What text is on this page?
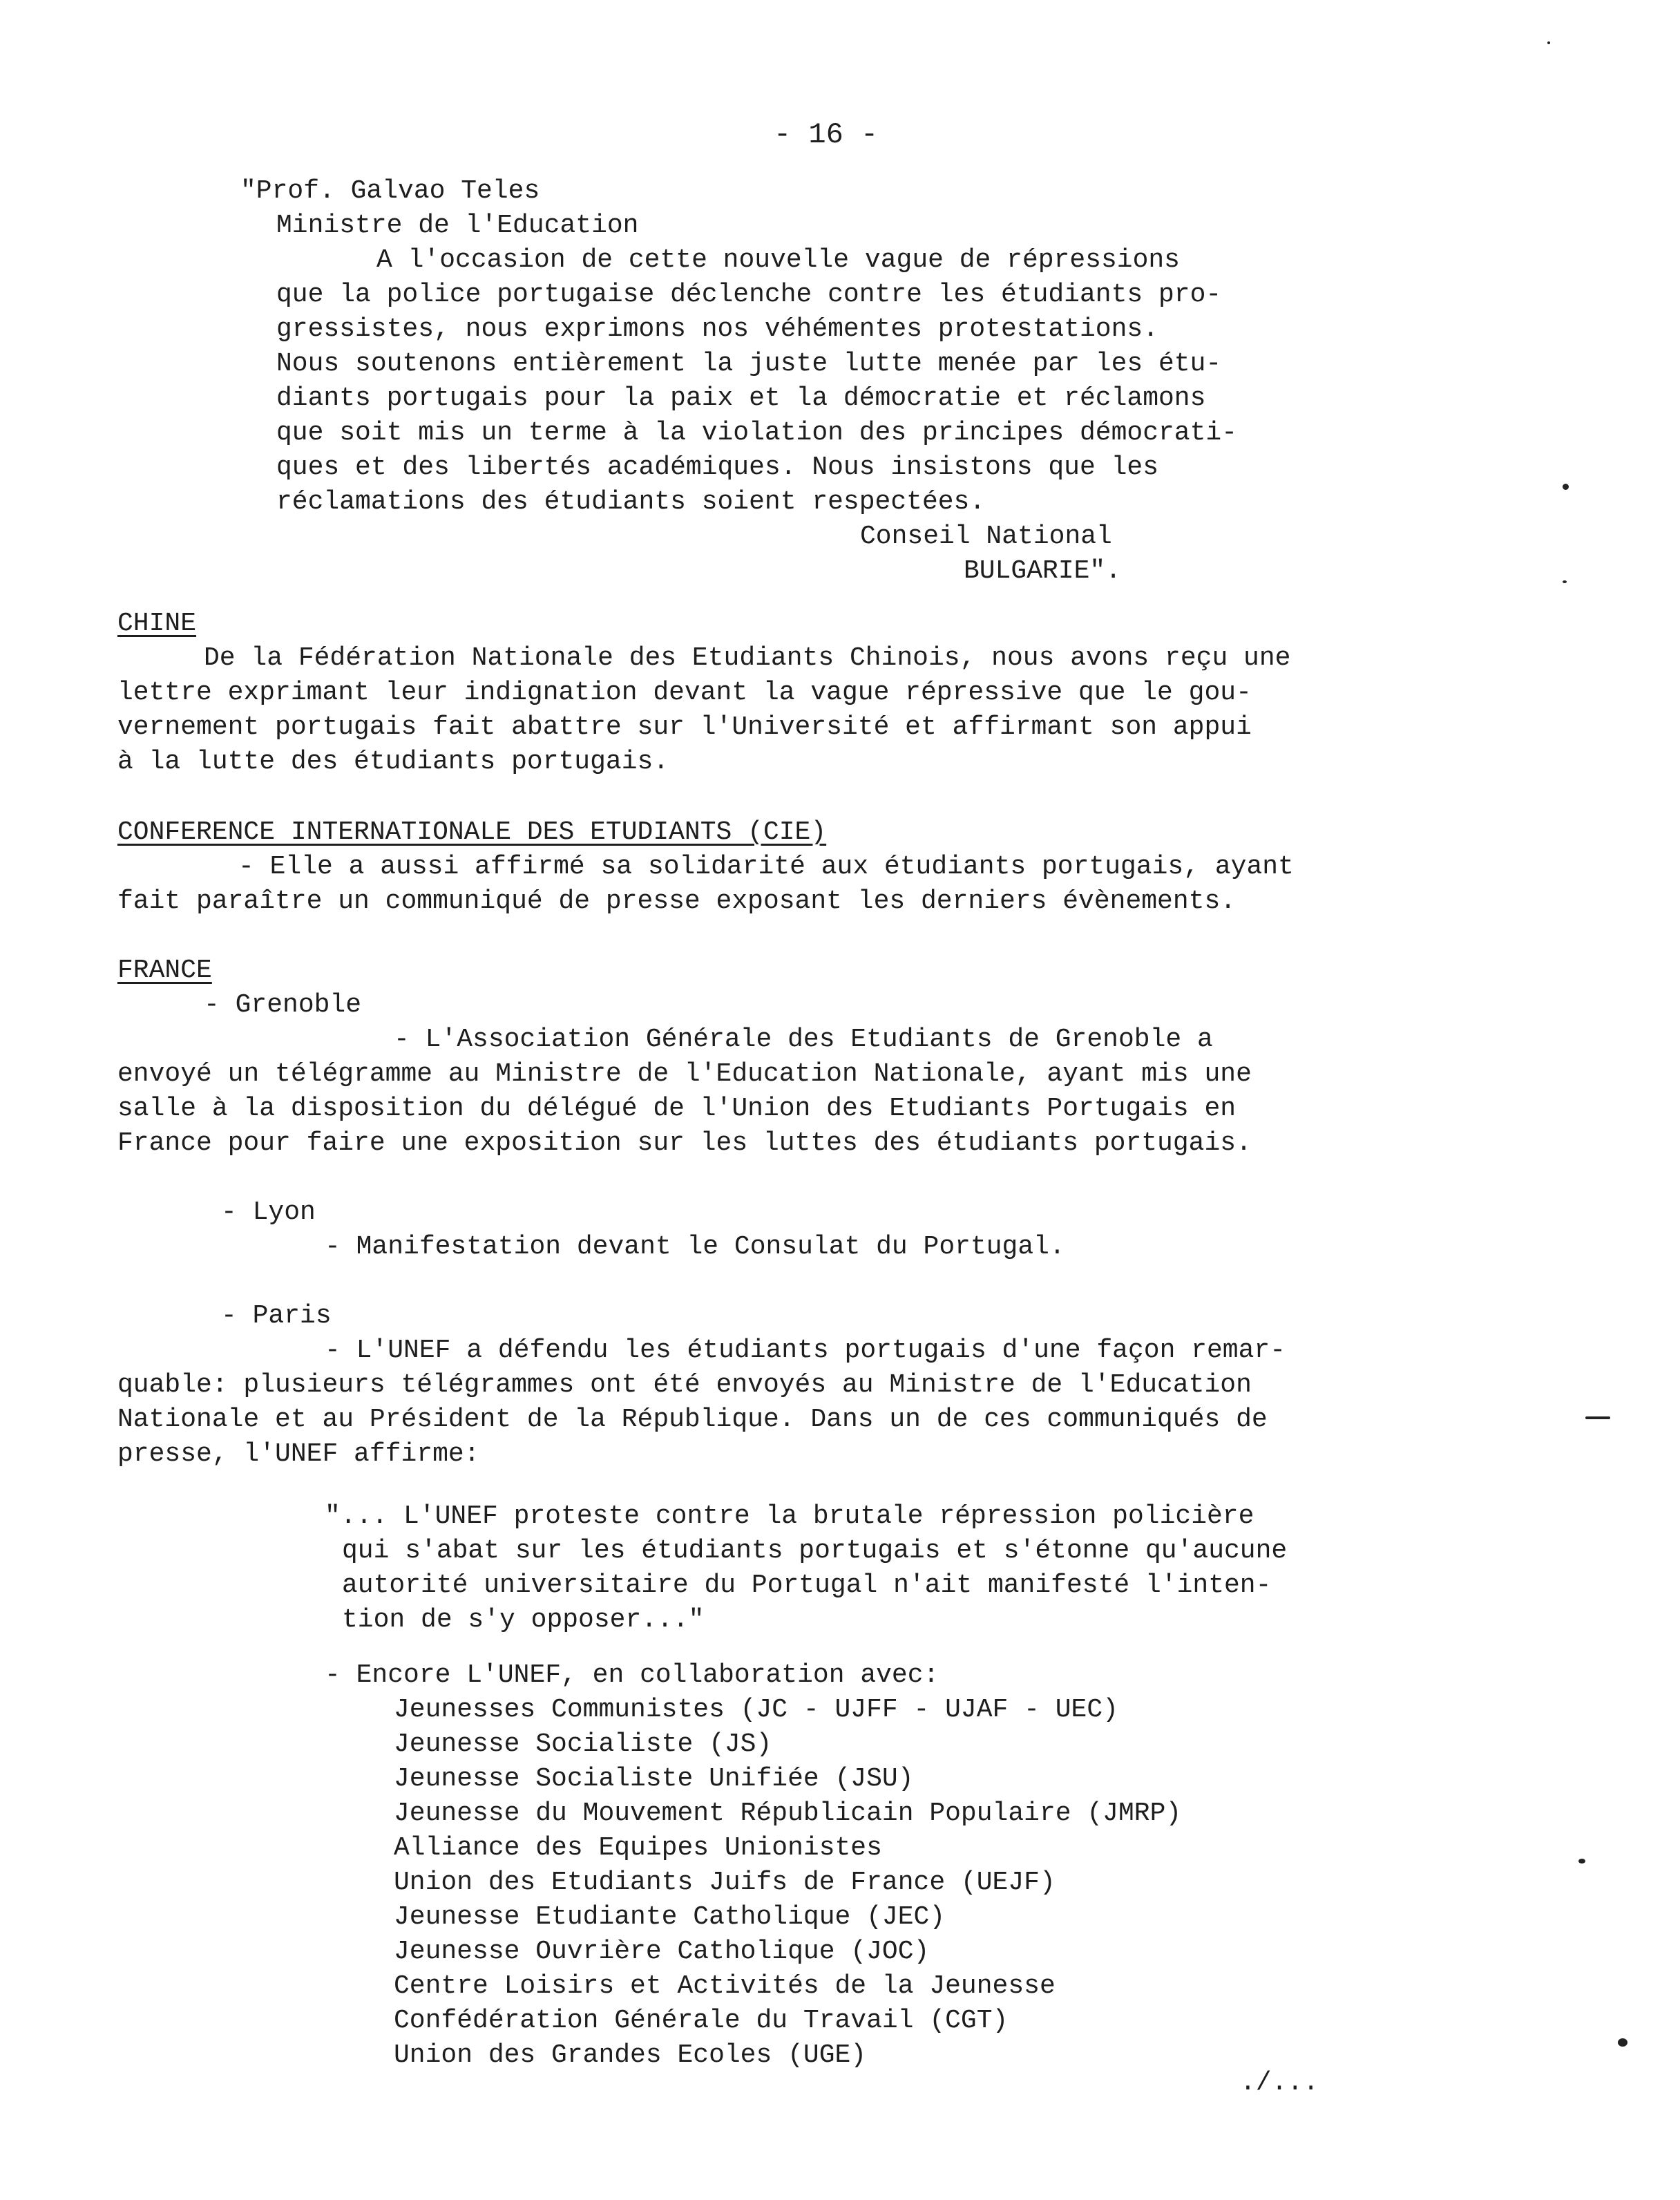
- 16 -
"Prof. Galvao Teles
Ministre de l'Education
A l'occasion de cette nouvelle vague de répressions
que la police portugaise déclenche contre les étudiants pro-
gressistes, nous exprimons nos véhémentes protestations.
Nous soutenons entièrement la juste lutte menée par les étu-
diants portugais pour la paix et la démocratie et réclamons
que soit mis un terme à la violation des principes démocrati-
ques et des libertés académiques. Nous insistons que les
réclamations des étudiants soient respectées.
Conseil National
BULGARIE".
CHINE
De la Fédération Nationale des Etudiants Chinois, nous avons reçu une
lettre exprimant leur indignation devant la vague répressive que le gou-
vernement portugais fait abattre sur l'Université et affirmant son appui
à la lutte des étudiants portugais.
CONFERENCE INTERNATIONALE DES ETUDIANTS (CIE)
- Elle a aussi affirmé sa solidarité aux étudiants portugais, ayant
fait paraître un communiqué de presse exposant les derniers évènements.
FRANCE
- Grenoble
- L'Association Générale des Etudiants de Grenoble a
envoyé un télégramme au Ministre de l'Education Nationale, ayant mis une
salle à la disposition du délégué de l'Union des Etudiants Portugais en
France pour faire une exposition sur les luttes des étudiants portugais.
- Lyon
- Manifestation devant le Consulat du Portugal.
- Paris
- L'UNEF a défendu les étudiants portugais d'une façon remar-
quable: plusieurs télégrammes ont été envoyés au Ministre de l'Education
Nationale et au Président de la République. Dans un de ces communiqués de
presse, l'UNEF affirme:
"... L'UNEF proteste contre la brutale répression policière
qui s'abat sur les étudiants portugais et s'étonne qu'aucune
autorité universitaire du Portugal n'ait manifesté l'inten-
tion de s'y opposer..."
- Encore L'UNEF, en collaboration avec:
Jeunesses Communistes (JC - UJFF - UJAF - UEC)
Jeunesse Socialiste (JS)
Jeunesse Socialiste Unifiée (JSU)
Jeunesse du Mouvement Républicain Populaire (JMRP)
Alliance des Equipes Unionistes
Union des Etudiants Juifs de France (UEJF)
Jeunesse Etudiante Catholique (JEC)
Jeunesse Ouvrière Catholique (JOC)
Centre Loisirs et Activités de la Jeunesse
Confédération Générale du Travail (CGT)
Union des Grandes Ecoles (UGE)
./...
